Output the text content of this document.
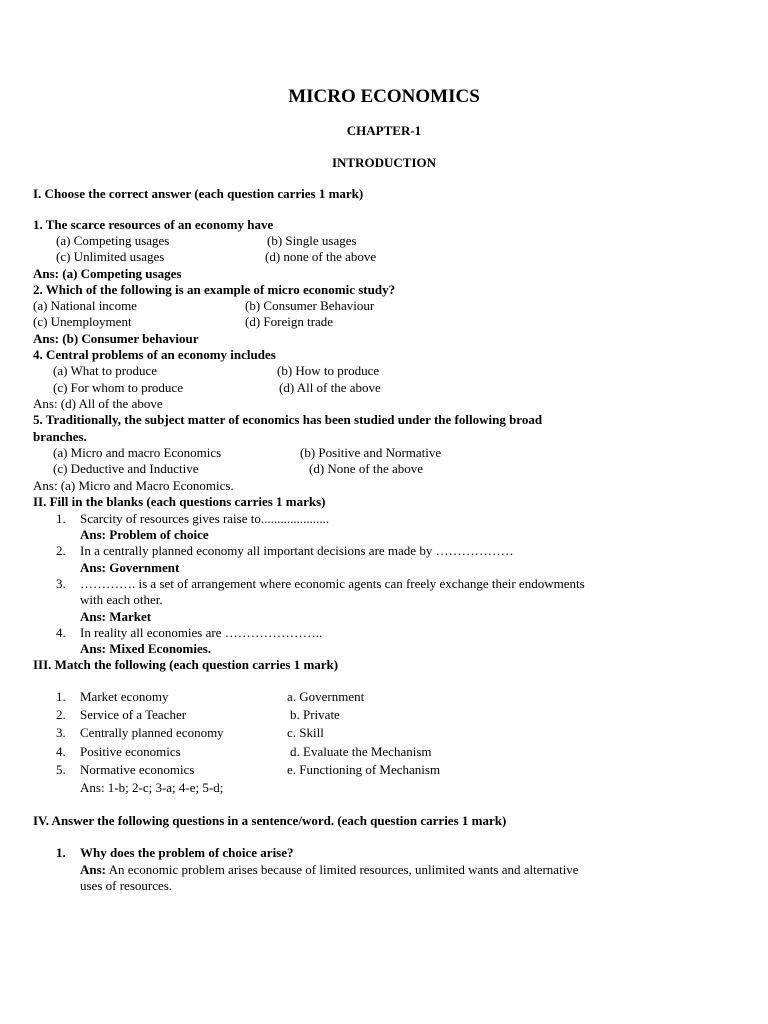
MICRO ECONOMICS
CHAPTER-1
INTRODUCTION
I. Choose the correct answer (each question carries 1 mark)
1. The scarce resources of an economy have
(a) Competing usages	(b) Single usages
(c) Unlimited usages	(d) none of the above
Ans: (a) Competing usages
2. Which of the following is an example of micro economic study?
(a) National income	(b) Consumer Behaviour
(c) Unemployment	(d) Foreign trade
Ans: (b) Consumer behaviour
4. Central problems of an economy includes
(a) What to produce	(b) How to produce
(c) For whom to produce	(d) All of the above
Ans: (d) All of the above
5. Traditionally, the subject matter of economics has been studied under the following broad
branches.
(a) Micro and macro Economics	(b) Positive and Normative
(c) Deductive and Inductive	(d) None of the above
Ans: (a) Micro and Macro Economics.
II. Fill in the blanks (each questions carries 1 marks)
1. Scarcity of resources gives raise to.....................
Ans: Problem of choice
2. In a centrally planned economy all important decisions are made by ………………
Ans: Government
3. …………. is a set of arrangement where economic agents can freely exchange their endowments
with each other.
Ans: Market
4. In reality all economies are …………………..
Ans: Mixed Economies.
III. Match the following (each question carries 1 mark)
1. Market economy	a. Government
2. Service of a Teacher	b. Private
3. Centrally planned economy	c. Skill
4. Positive economics	d. Evaluate the Mechanism
5. Normative economics	e. Functioning of Mechanism
Ans: 1-b; 2-c; 3-a; 4-e; 5-d;
IV. Answer the following questions in a sentence/word. (each question carries 1 mark)
1. Why does the problem of choice arise?
Ans: An economic problem arises because of limited resources, unlimited wants and alternative
uses of resources.
